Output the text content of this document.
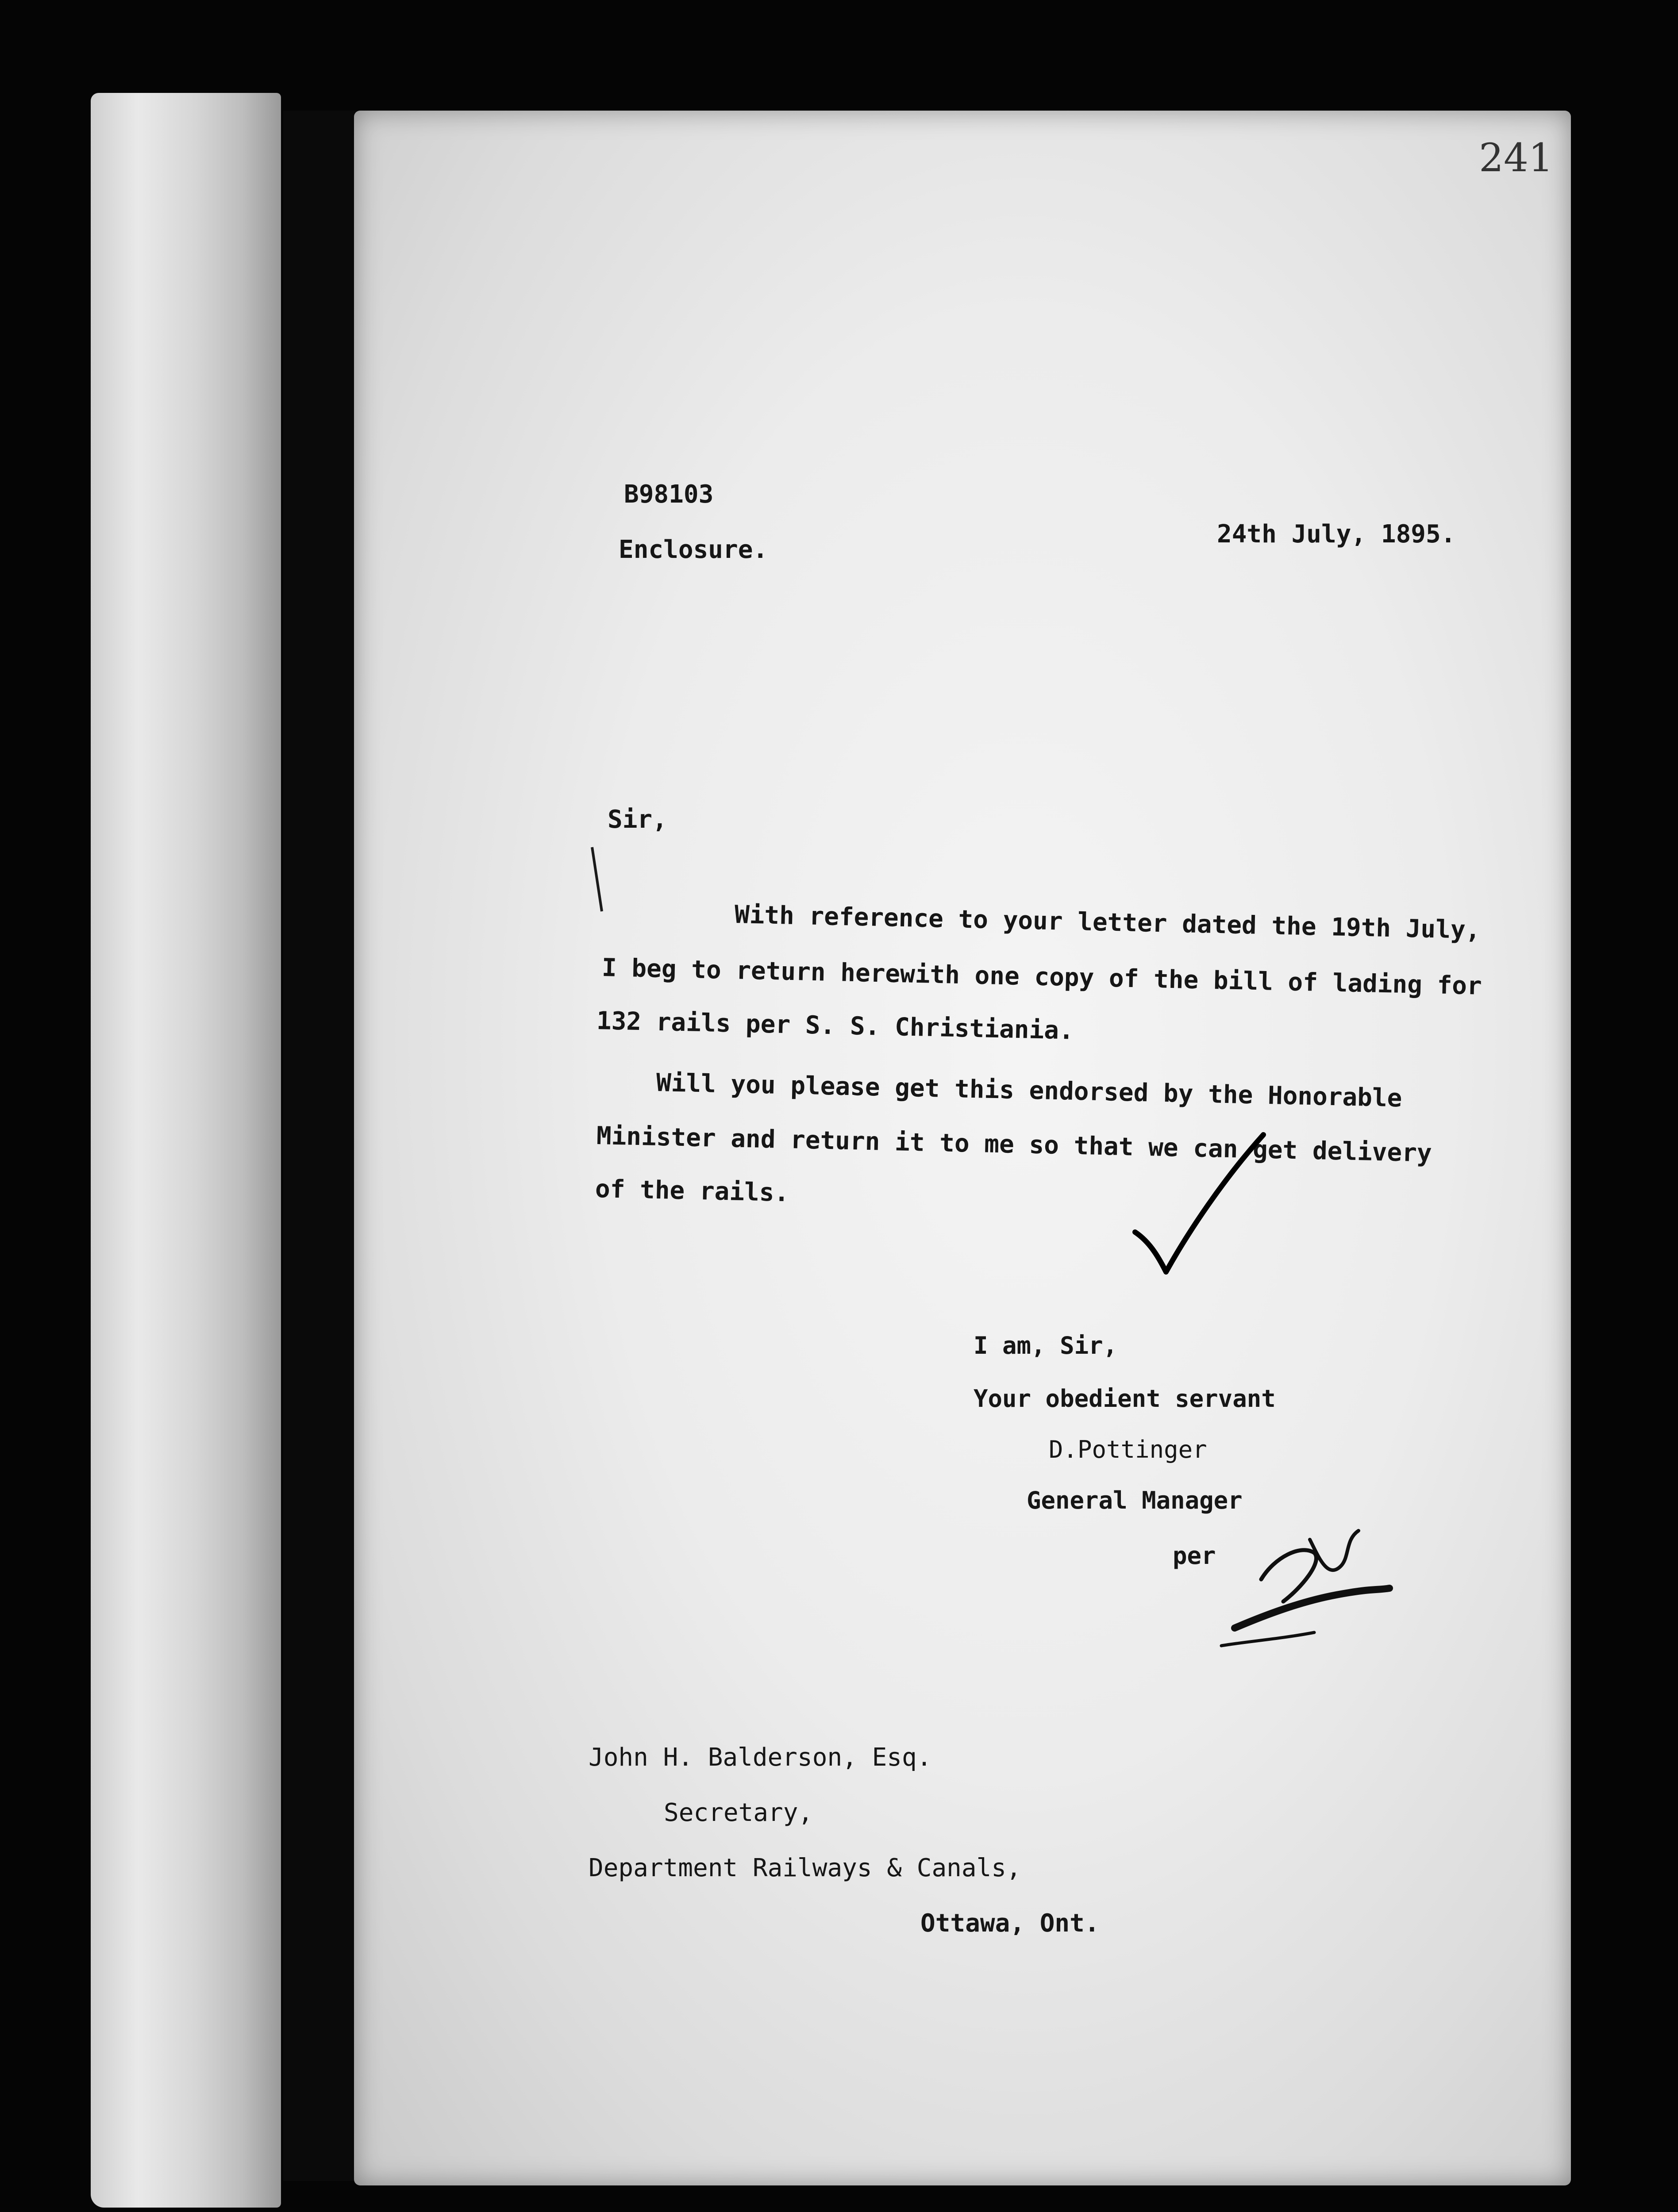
241
B98103
Enclosure.
24th July, 1895.
Sir,
With reference to your letter dated the 19th July,
I beg to return herewith one copy of the bill of lading for
132 rails per S. S. Christiania.
Will you please get this endorsed by the Honorable
Minister and return it to me so that we can get delivery
of the rails.
I am, Sir,
Your obedient servant
D.Pottinger
General Manager
per
John H. Balderson, Esq.
Secretary,
Department Railways & Canals,
Ottawa, Ont.
